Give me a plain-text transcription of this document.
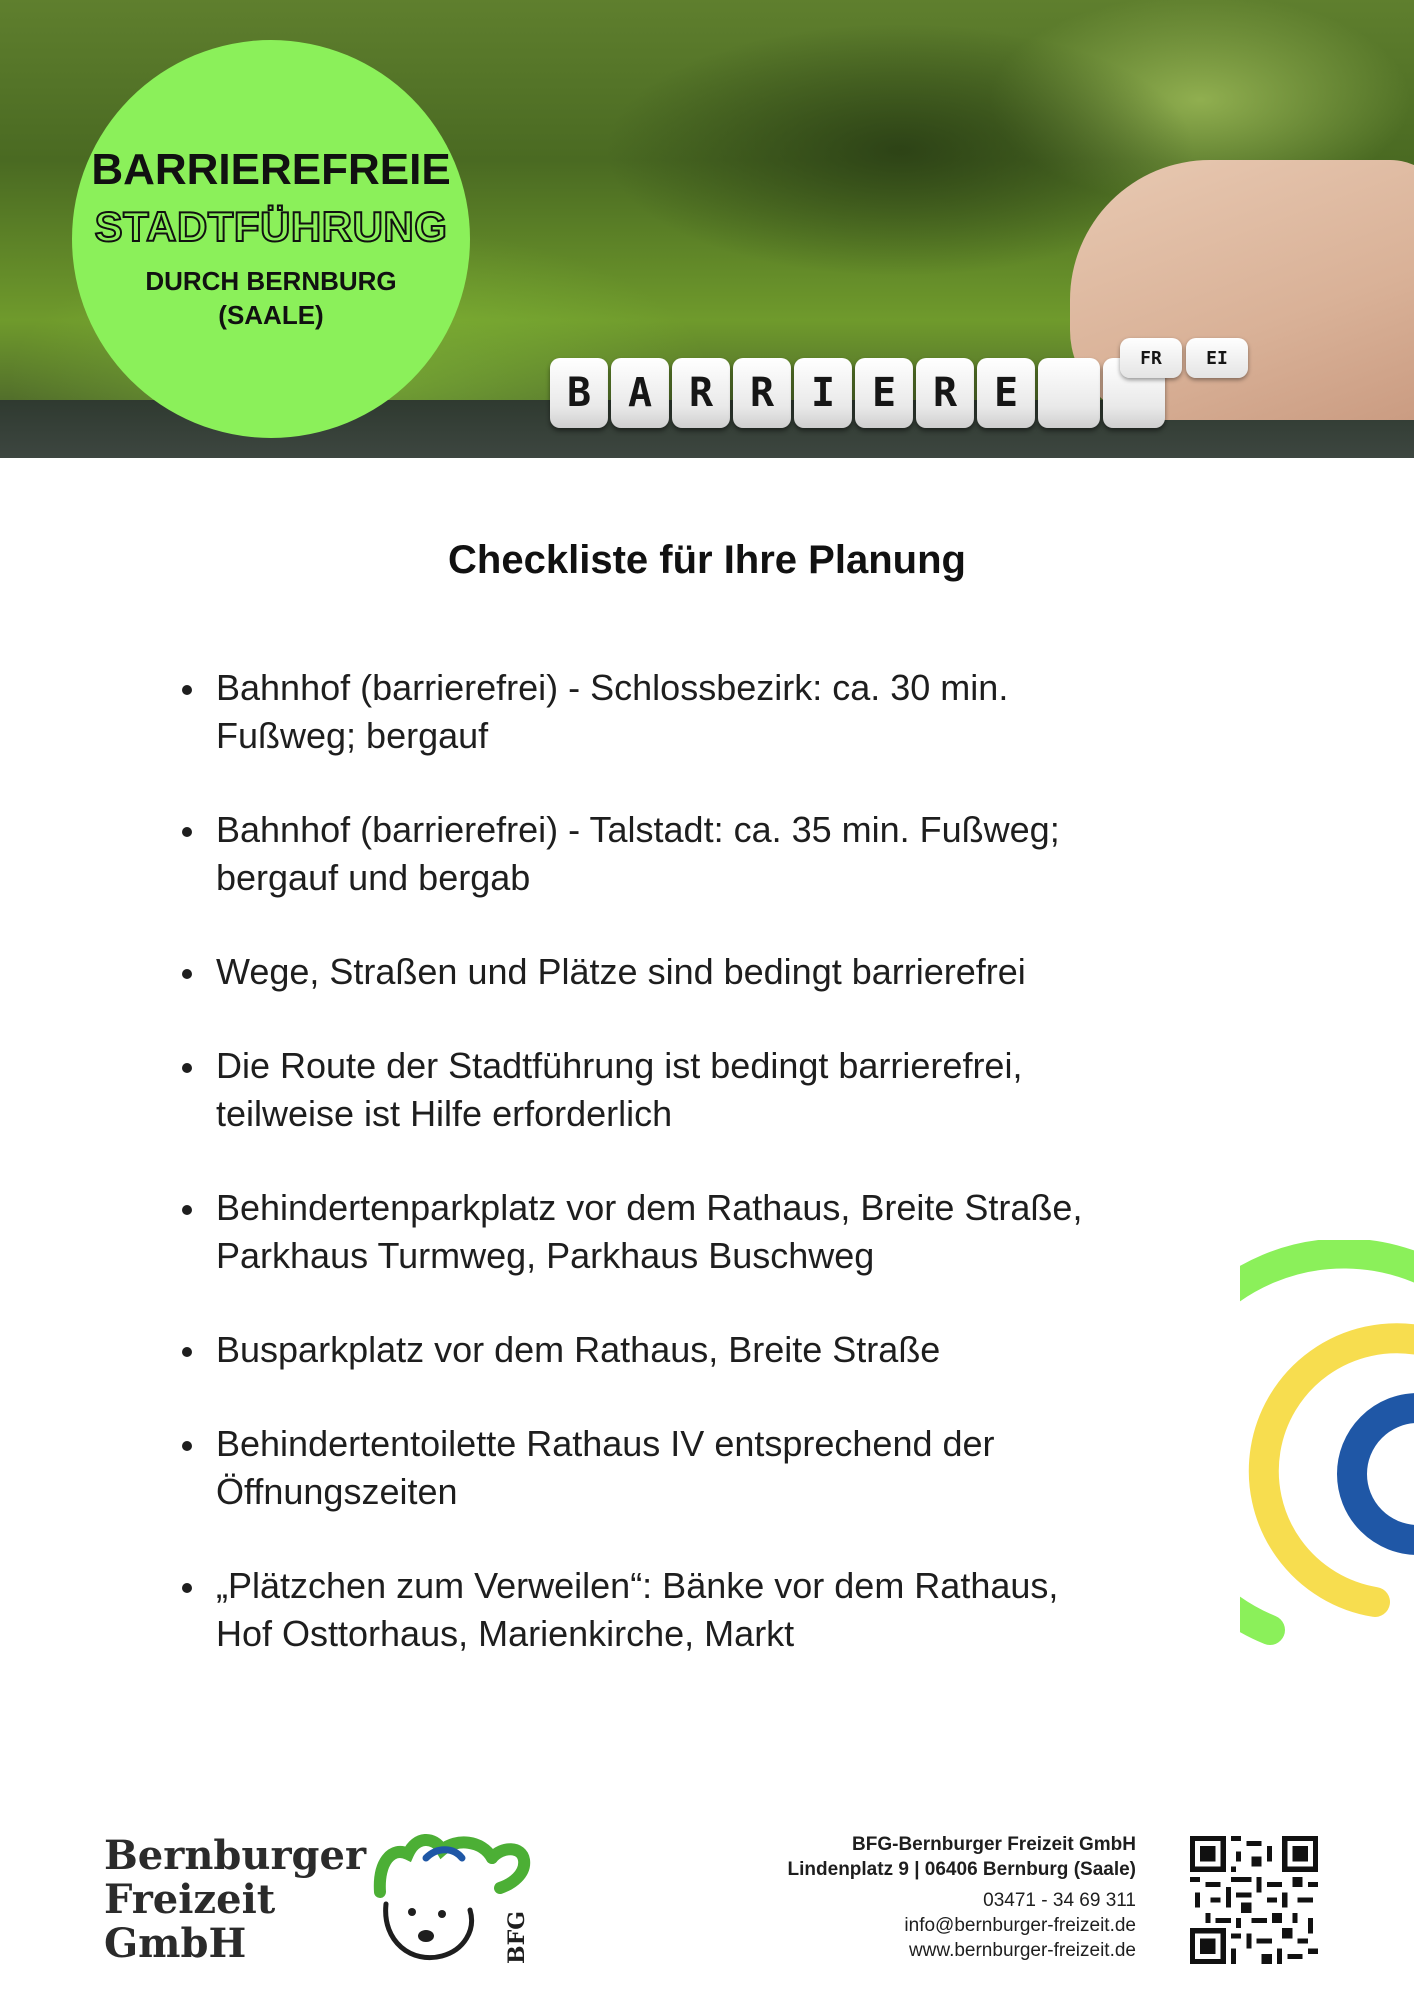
BARRIEREFREIE
STADTFÜHRUNG
DURCH BERNBURG
(SAALE)
B A R R I E R E
FR	EI
Checkliste für Ihre Planung
Bahnhof (barrierefrei) - Schlossbezirk: ca. 30 min.
Fußweg; bergauf
Bahnhof (barrierefrei) - Talstadt: ca. 35 min. Fußweg;
bergauf und bergab
Wege, Straßen und Plätze sind bedingt barrierefrei
Die Route der Stadtführung ist bedingt barrierefrei,
teilweise ist Hilfe erforderlich
Behindertenparkplatz vor dem Rathaus, Breite Straße,
Parkhaus Turmweg, Parkhaus Buschweg
Busparkplatz vor dem Rathaus, Breite Straße
Behindertentoilette Rathaus IV entsprechend der
Öffnungszeiten
„Plätzchen zum Verweilen“: Bänke vor dem Rathaus,
Hof Osttorhaus, Marienkirche, Markt
Bernburger
Freizeit
GmbH	BFG
BFG-Bernburger Freizeit GmbH
Lindenplatz 9 | 06406 Bernburg (Saale)
03471 - 34 69 311
info@bernburger-freizeit.de
www.bernburger-freizeit.de
